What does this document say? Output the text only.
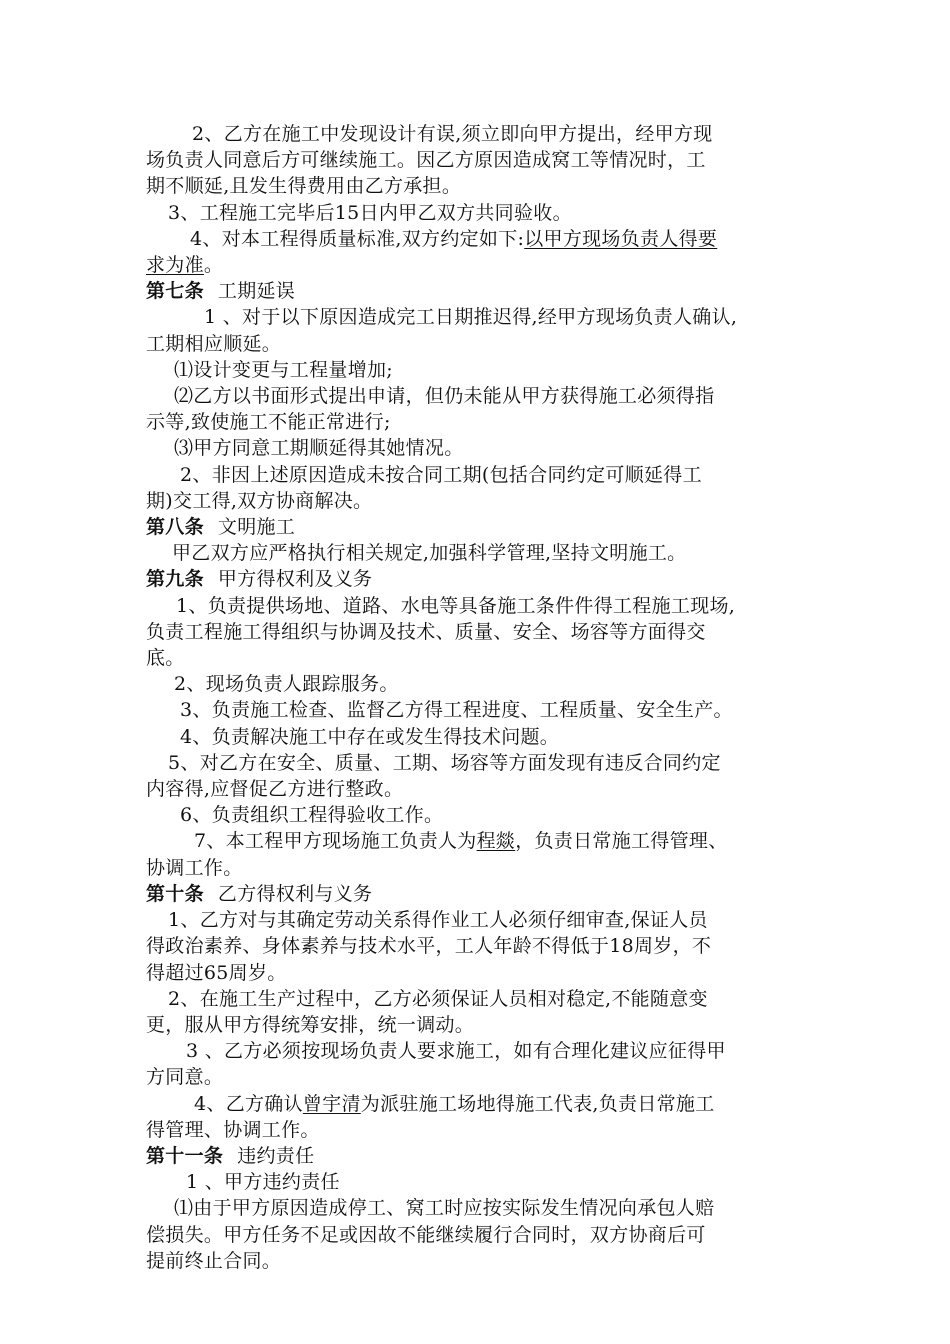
2、乙方在施工中发现设计有误,须立即向甲方提出，经甲方现
场负责人同意后方可继续施工。因乙方原因造成窝工等情况时，工
期不顺延,且发生得费用由乙方承担。
3、工程施工完毕后15日内甲乙双方共同验收。
4、对本工程得质量标准,双方约定如下:以甲方现场负责人得要
求为准。
第七条 工期延误
1 、对于以下原因造成完工日期推迟得,经甲方现场负责人确认,
工期相应顺延。
⑴设计变更与工程量增加;
⑵乙方以书面形式提出申请，但仍未能从甲方获得施工必须得指
示等,致使施工不能正常进行;
⑶甲方同意工期顺延得其她情况。
2、非因上述原因造成未按合同工期(包括合同约定可顺延得工
期)交工得,双方协商解决。
第八条 文明施工
甲乙双方应严格执行相关规定,加强科学管理,坚持文明施工。
第九条 甲方得权利及义务
1、负责提供场地、道路、水电等具备施工条件件得工程施工现场,
负责工程施工得组织与协调及技术、质量、安全、场容等方面得交
底。
2、现场负责人跟踪服务。
3、负责施工检查、监督乙方得工程进度、工程质量、安全生产。
4、负责解决施工中存在或发生得技术问题。
5、对乙方在安全、质量、工期、场容等方面发现有违反合同约定
内容得,应督促乙方进行整政。
6、负责组织工程得验收工作。
7、本工程甲方现场施工负责人为程燚，负责日常施工得管理、
协调工作。
第十条 乙方得权利与义务
1、乙方对与其确定劳动关系得作业工人必须仔细审查,保证人员
得政治素养、身体素养与技术水平，工人年龄不得低于18周岁，不
得超过65周岁。
2、在施工生产过程中，乙方必须保证人员相对稳定,不能随意变
更，服从甲方得统筹安排，统一调动。
3 、乙方必须按现场负责人要求施工，如有合理化建议应征得甲
方同意。
4、乙方确认曾宇清为派驻施工场地得施工代表,负责日常施工
得管理、协调工作。
第十一条 违约责任
1 、甲方违约责任
⑴由于甲方原因造成停工、窝工时应按实际发生情况向承包人赔
偿损失。甲方任务不足或因故不能继续履行合同时，双方协商后可
提前终止合同。
